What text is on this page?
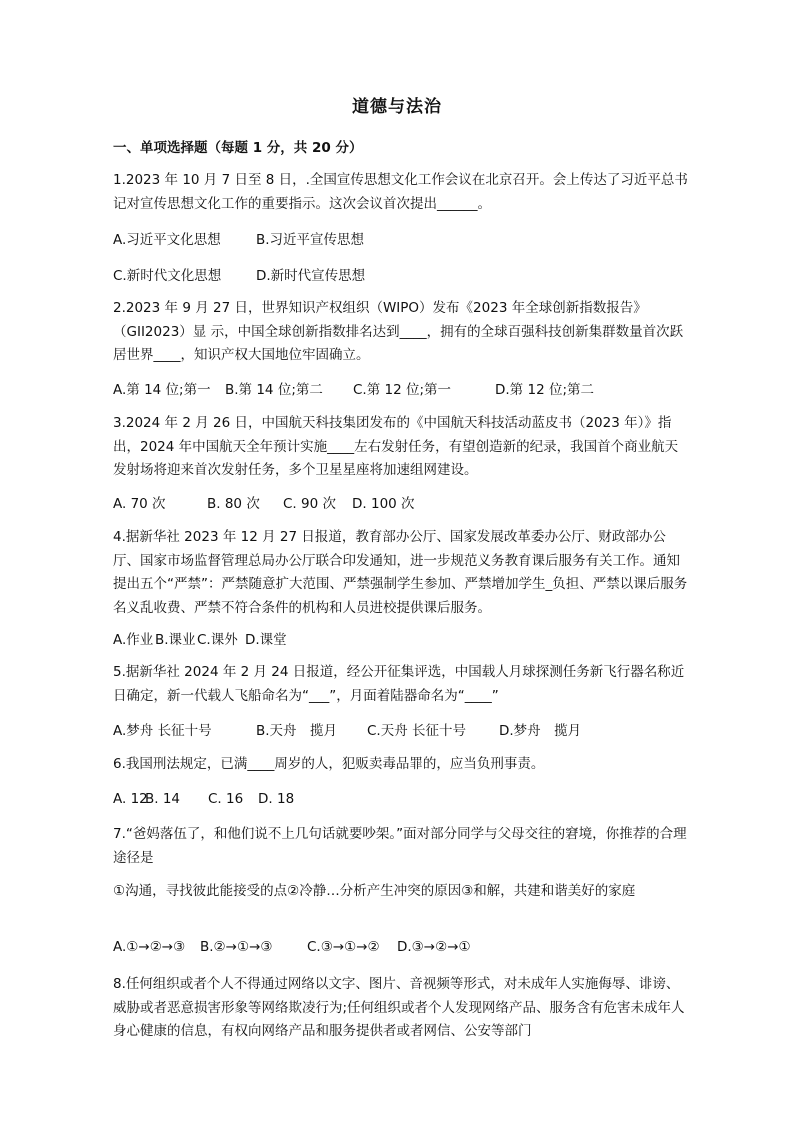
道德与法治
一、单项选择题（每题 1 分，共 20 分）
1.2023 年 10 月 7 日至 8 日，.全国宣传思想文化工作会议在北京召开。会上传达了习近平总书记对宣传思想文化工作的重要指示。这次会议首次提出______。
A.习近平文化思想	B.习近平宣传思想
C.新时代文化思想	D.新时代宣传思想
2.2023 年 9 月 27 日，世界知识产权组织（WIPO）发布《2023 年全球创新指数报告》（GII2023）显 示，中国全球创新指数排名达到____，拥有的全球百强科技创新集群数量首次跃居世界____，知识产权大国地位牢固确立。
A.第 14 位;第一 B.第 14 位;第二 C.第 12 位;第一	D.第 12 位;第二
3.2024 年 2 月 26 日，中国航天科技集团发布的《中国航天科技活动蓝皮书（2023 年）》指出，2024 年中国航天全年预计实施____左右发射任务，有望创造新的纪录，我国首个商业航天发射场将迎来首次发射任务，多个卫星星座将加速组网建设。
A. 70 次	B. 80 次 C. 90 次 D. 100 次
4.据新华社 2023 年 12 月 27 日报道，教育部办公厅、国家发展改革委办公厅、财政部办公厅、国家市场监督管理总局办公厅联合印发通知，进一步规范义务教育课后服务有关工作。通知提出五个“严禁”：严禁随意扩大范围、严禁强制学生参加、严禁增加学生_负担、严禁以课后服务名义乱收费、严禁不符合条件的机构和人员进校提供课后服务。
A.作业 B.课业C.课外 D.课堂
5.据新华社 2024 年 2 月 24 日报道，经公开征集评选，中国载人月球探测任务新飞行器名称近日确定，新一代载人飞船命名为“___”，月面着陆器命名为“____”
A.梦舟 长征十号	B.天舟　揽月 C.天舟 长征十号 D.梦舟　揽月
6.我国刑法规定，已满____周岁的人，犯贩卖毒品罪的，应当负刑事责。
A. 12B. 14 C. 16 D. 18
7.“爸妈落伍了，和他们说不上几句话就要吵架。”面对部分同学与父母交往的窘境，你推荐的合理途径是
①沟通，寻找彼此能接受的点②冷静…分析产生冲突的原因③和解，共建和谐美好的家庭
A.①→②→③ B.②→①→③	C.③→①→② D.③→②→①
8.任何组织或者个人不得通过网络以文字、图片、音视频等形式，对未成年人实施侮辱、诽谤、威胁或者恶意损害形象等网络欺凌行为;任何组织或者个人发现网络产品、服务含有危害未成年人身心健康的信息，有权向网络产品和服务提供者或者网信、公安等部门
